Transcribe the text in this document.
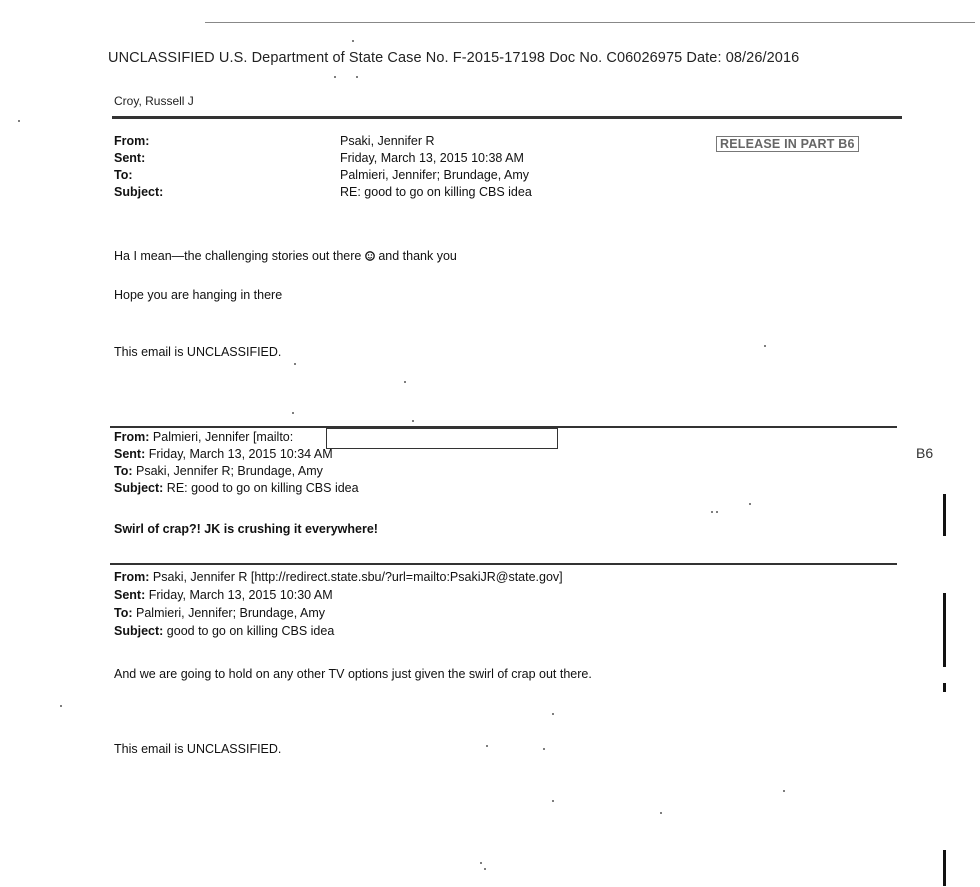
UNCLASSIFIED U.S. Department of State Case No. F-2015-17198 Doc No. C06026975 Date: 08/26/2016
Croy, Russell J
From:
Sent:
To:
Subject:
Psaki, Jennifer R
Friday, March 13, 2015 10:38 AM
Palmieri, Jennifer; Brundage, Amy
RE: good to go on killing CBS idea
RELEASE IN PART B6
Ha I mean—the challenging stories out there and thank you
Hope you are hanging in there
This email is UNCLASSIFIED.
From: Palmieri, Jennifer [mailto:
Sent: Friday, March 13, 2015 10:34 AM
To: Psaki, Jennifer R; Brundage, Amy
Subject: RE: good to go on killing CBS idea
B6
Swirl of crap?! JK is crushing it everywhere!
From: Psaki, Jennifer R [http://redirect.state.sbu/?url=mailto:PsakiJR@state.gov]
Sent: Friday, March 13, 2015 10:30 AM
To: Palmieri, Jennifer; Brundage, Amy
Subject: good to go on killing CBS idea
And we are going to hold on any other TV options just given the swirl of crap out there.
This email is UNCLASSIFIED.
